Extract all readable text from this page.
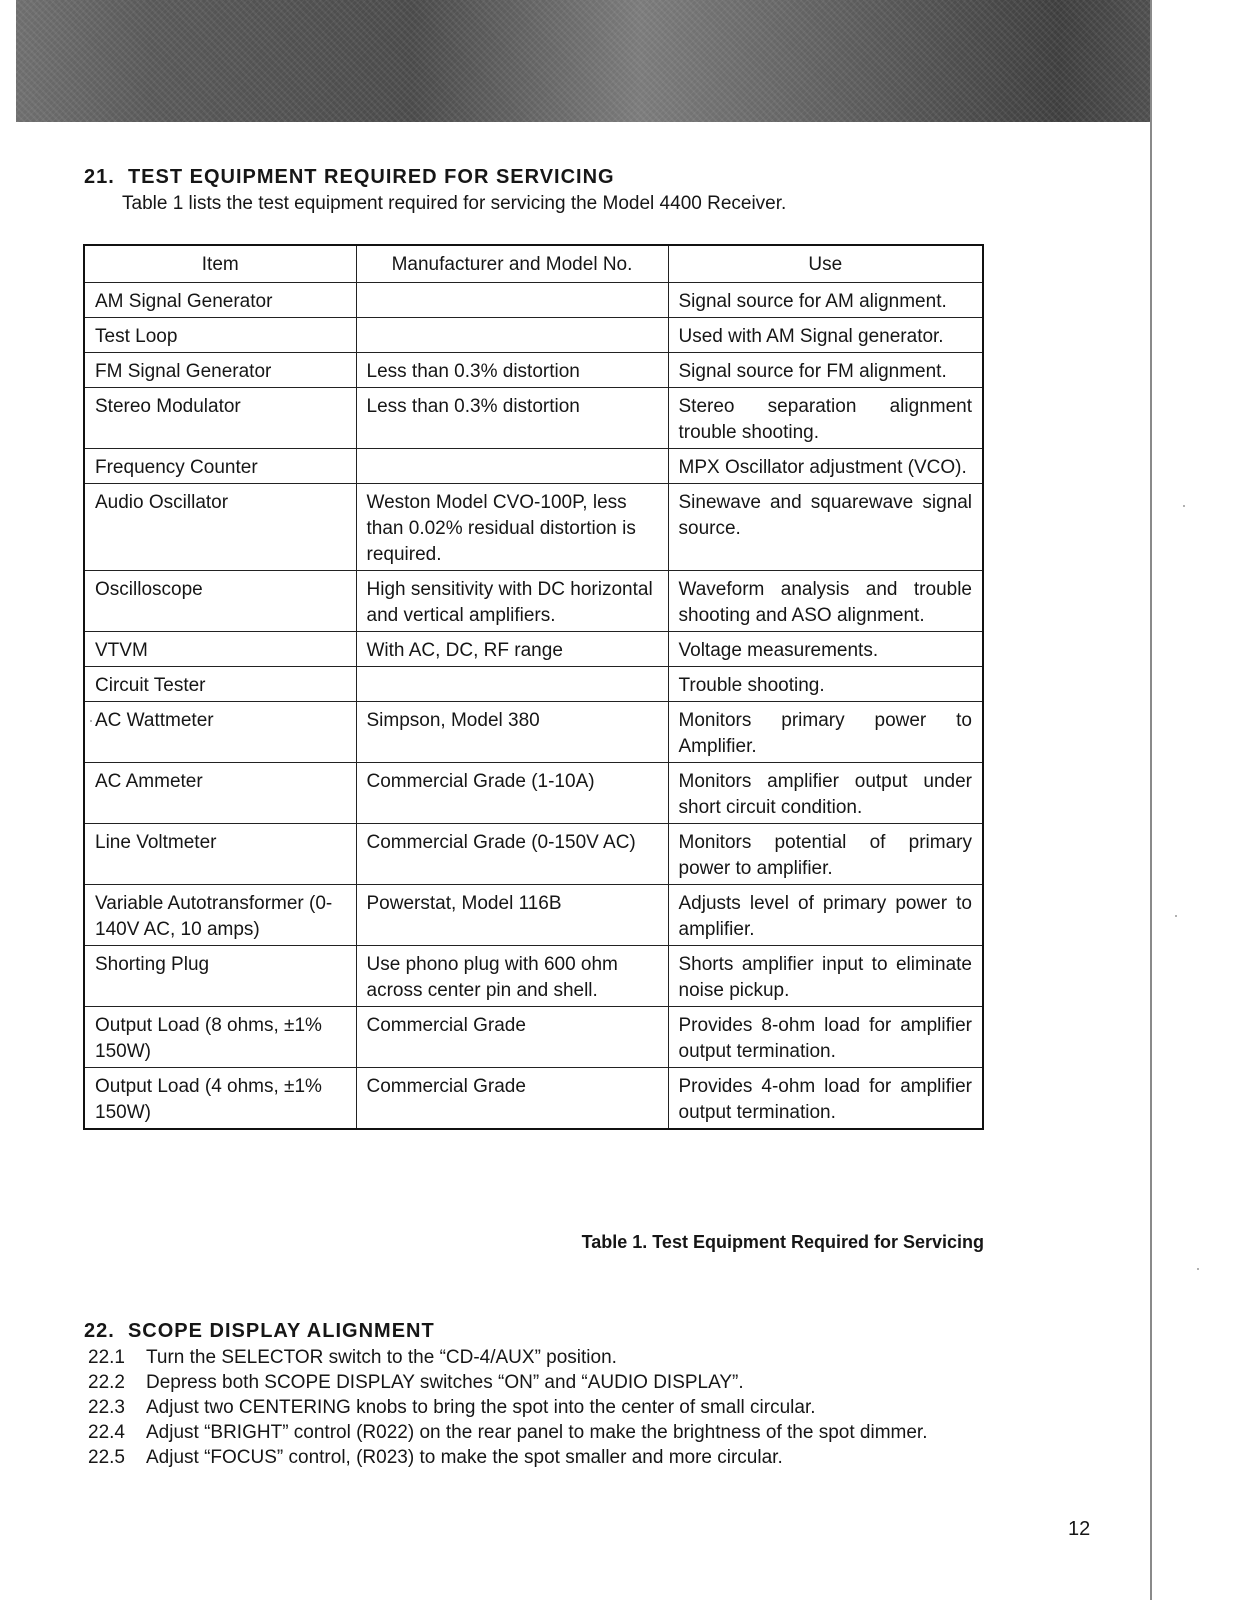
21. TEST EQUIPMENT REQUIRED FOR SERVICING
Table 1 lists the test equipment required for servicing the Model 4400 Receiver.
Item	Manufacturer and Model No.	Use
AM Signal Generator		Signal source for AM alignment.
Test Loop		Used with AM Signal generator.
FM Signal Generator	Less than 0.3% distortion	Signal source for FM alignment.
Stereo Modulator	Less than 0.3% distortion	Stereo separation alignment trouble shooting.
Frequency Counter		MPX Oscillator adjustment (VCO).
Audio Oscillator	Weston Model CVO-100P, less than 0.02% residual distortion is required.	Sinewave and squarewave signal source.
Oscilloscope	High sensitivity with DC horizontal and vertical amplifiers.	Waveform analysis and trouble shooting and ASO alignment.
VTVM	With AC, DC, RF range	Voltage measurements.
Circuit Tester		Trouble shooting.
AC Wattmeter	Simpson, Model 380	Monitors primary power to Amplifier.
AC Ammeter	Commercial Grade (1-10A)	Monitors amplifier output under short circuit condition.
Line Voltmeter	Commercial Grade (0-150V AC)	Monitors potential of primary power to amplifier.
Variable Autotransformer (0-140V AC, 10 amps)	Powerstat, Model 116B	Adjusts level of primary power to amplifier.
Shorting Plug	Use phono plug with 600 ohm across center pin and shell.	Shorts amplifier input to eliminate noise pickup.
Output Load (8 ohms, ±1% 150W)	Commercial Grade	Provides 8-ohm load for amplifier output termination.
Output Load (4 ohms, ±1% 150W)	Commercial Grade	Provides 4-ohm load for amplifier output termination.
Table 1. Test Equipment Required for Servicing
22. SCOPE DISPLAY ALIGNMENT
22.1	Turn the SELECTOR switch to the “CD-4/AUX” position.
22.2	Depress both SCOPE DISPLAY switches “ON” and “AUDIO DISPLAY”.
22.3	Adjust two CENTERING knobs to bring the spot into the center of small circular.
22.4	Adjust “BRIGHT” control (R022) on the rear panel to make the brightness of the spot dimmer.
22.5	Adjust “FOCUS” control, (R023) to make the spot smaller and more circular.
12
